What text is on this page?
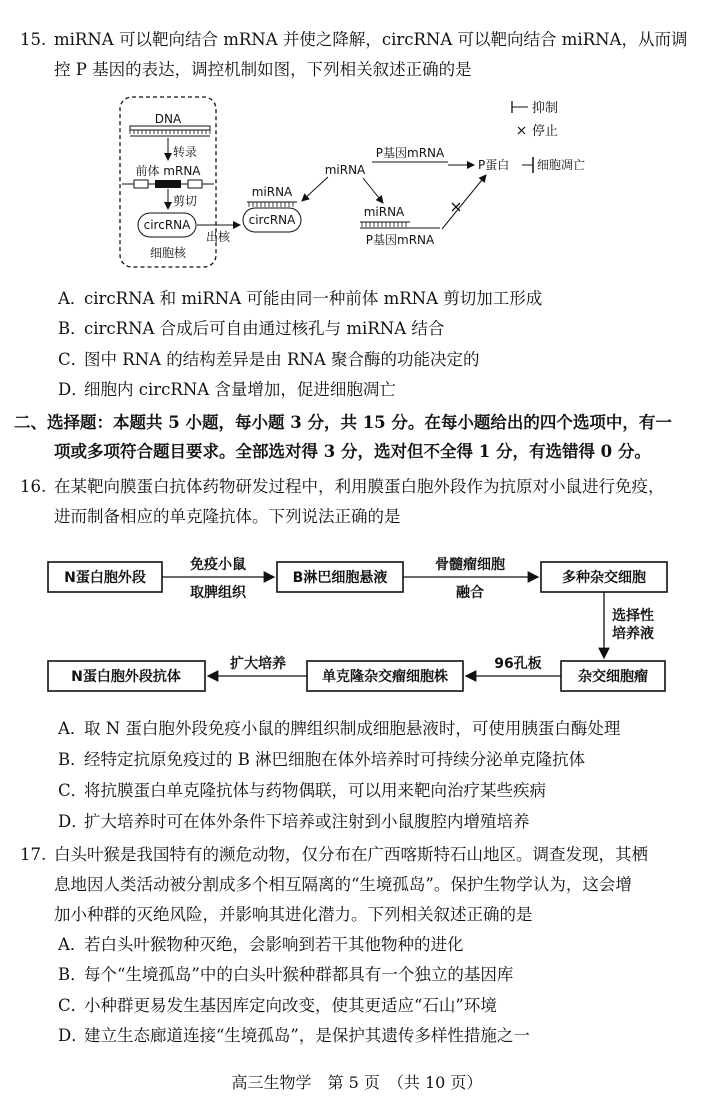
15. miRNA 可以靶向结合 mRNA 并使之降解，circRNA 可以靶向结合 miRNA，从而调
控 P 基因的表达，调控机制如图，下列相关叙述正确的是
DNA
转录
前体 mRNA
剪切
circRNA
细胞核
出核
miRNA
circRNA
miRNA
P基因mRNA
P蛋白 细胞凋亡
miRNA
P基因mRNA
抑制
停止
A．
circRNA 和 miRNA 可能由同一种前体 mRNA 剪切加工形成
B．
circRNA 合成后可自由通过核孔与 miRNA 结合
C．
图中 RNA 的结构差异是由 RNA 聚合酶的功能决定的
D．
细胞内 circRNA 含量增加，促进细胞凋亡
二、选择题：本题共 5 小题，每小题 3 分，共 15 分。在每小题给出的四个选项中，有一
项或多项符合题目要求。全部选对得 3 分，选对但不全得 1 分，有选错得 0 分。
16. 在某靶向膜蛋白抗体药物研发过程中，利用膜蛋白胞外段作为抗原对小鼠进行免疫，
进而制备相应的单克隆抗体。下列说法正确的是
N蛋白胞外段
免疫小鼠
取脾组织
B淋巴细胞悬液
骨髓瘤细胞
融合
多种杂交细胞
选择性
培养液
杂交细胞瘤
96孔板
单克隆杂交瘤细胞株
扩大培养
N蛋白胞外段抗体
A．
取 N 蛋白胞外段免疫小鼠的脾组织制成细胞悬液时，可使用胰蛋白酶处理
B．
经特定抗原免疫过的 B 淋巴细胞在体外培养时可持续分泌单克隆抗体
C．
将抗膜蛋白单克隆抗体与药物偶联，可以用来靶向治疗某些疾病
D．
扩大培养时可在体外条件下培养或注射到小鼠腹腔内增殖培养
17. 白头叶猴是我国特有的濒危动物，仅分布在广西喀斯特石山地区。调查发现，其栖
息地因人类活动被分割成多个相互隔离的“生境孤岛”。保护生物学认为，这会增
加小种群的灭绝风险，并影响其进化潜力。下列相关叙述正确的是
A．
若白头叶猴物种灭绝，会影响到若干其他物种的进化
B．
每个“生境孤岛”中的白头叶猴种群都具有一个独立的基因库
C．
小种群更易发生基因库定向改变，使其更适应“石山”环境
D．
建立生态廊道连接“生境孤岛”，是保护其遗传多样性措施之一
高三生物学　第 5 页　（共 10 页）
